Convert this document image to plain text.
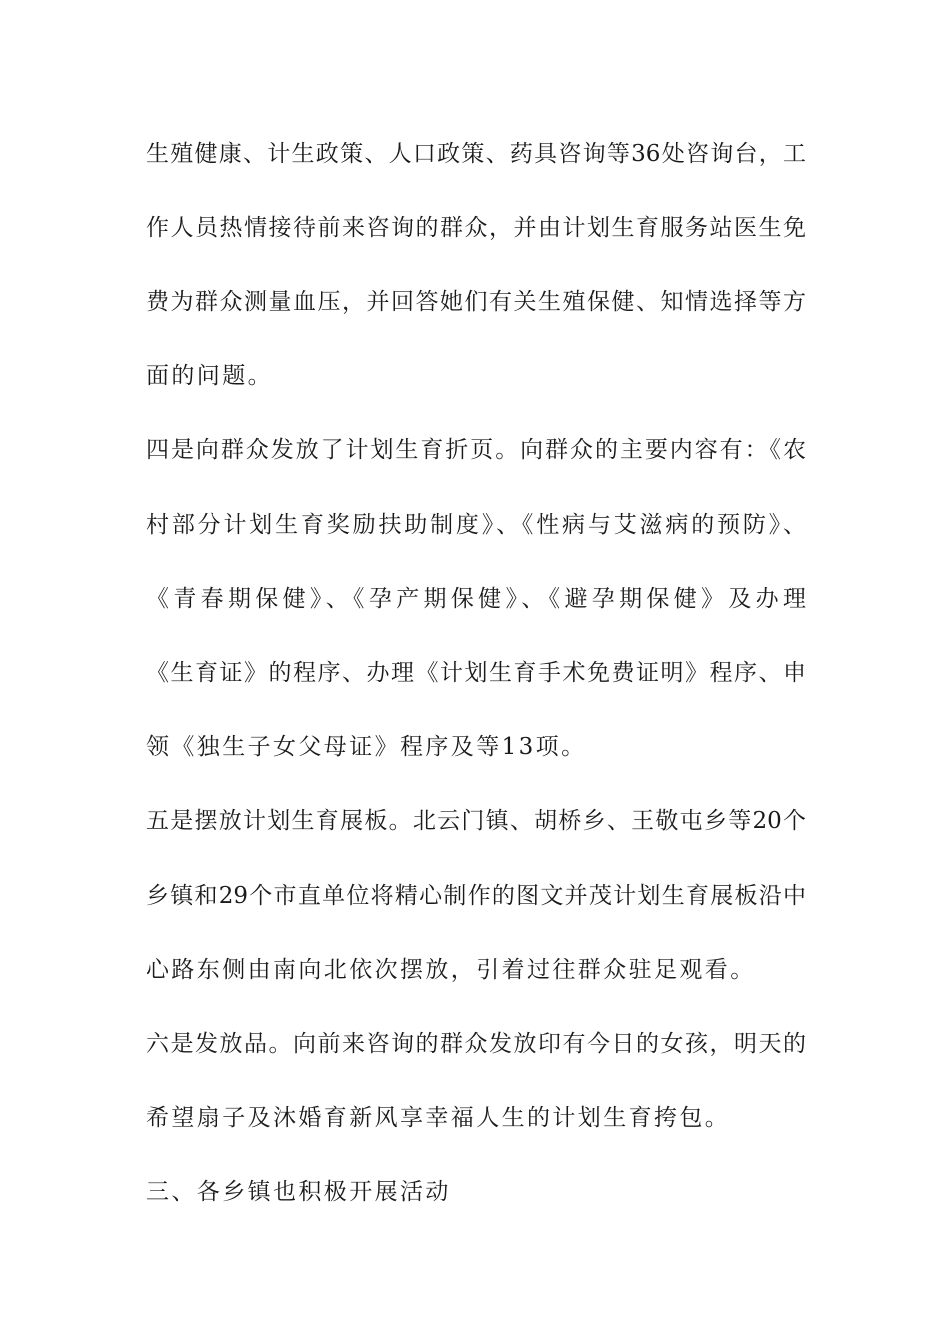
生殖健康、计生政策、人口政策、药具咨询等36处咨询台，工
作人员热情接待前来咨询的群众，并由计划生育服务站医生免
费为群众测量血压，并回答她们有关生殖保健、知情选择等方
面的问题。
四是向群众发放了计划生育折页。向群众的主要内容有：《农
村部分计划生育奖励扶助制度》、《性病与艾滋病的预防》、
《青春期保健》、《孕产期保健》、《避孕期保健》及办理
《生育证》的程序、办理《计划生育手术免费证明》程序、申
领《独生子女父母证》程序及等13项。
五是摆放计划生育展板。北云门镇、胡桥乡、王敬屯乡等20个
乡镇和29个市直单位将精心制作的图文并茂计划生育展板沿中
心路东侧由南向北依次摆放，引着过往群众驻足观看。
六是发放品。向前来咨询的群众发放印有今日的女孩，明天的
希望扇子及沐婚育新风享幸福人生的计划生育挎包。
三、各乡镇也积极开展活动
